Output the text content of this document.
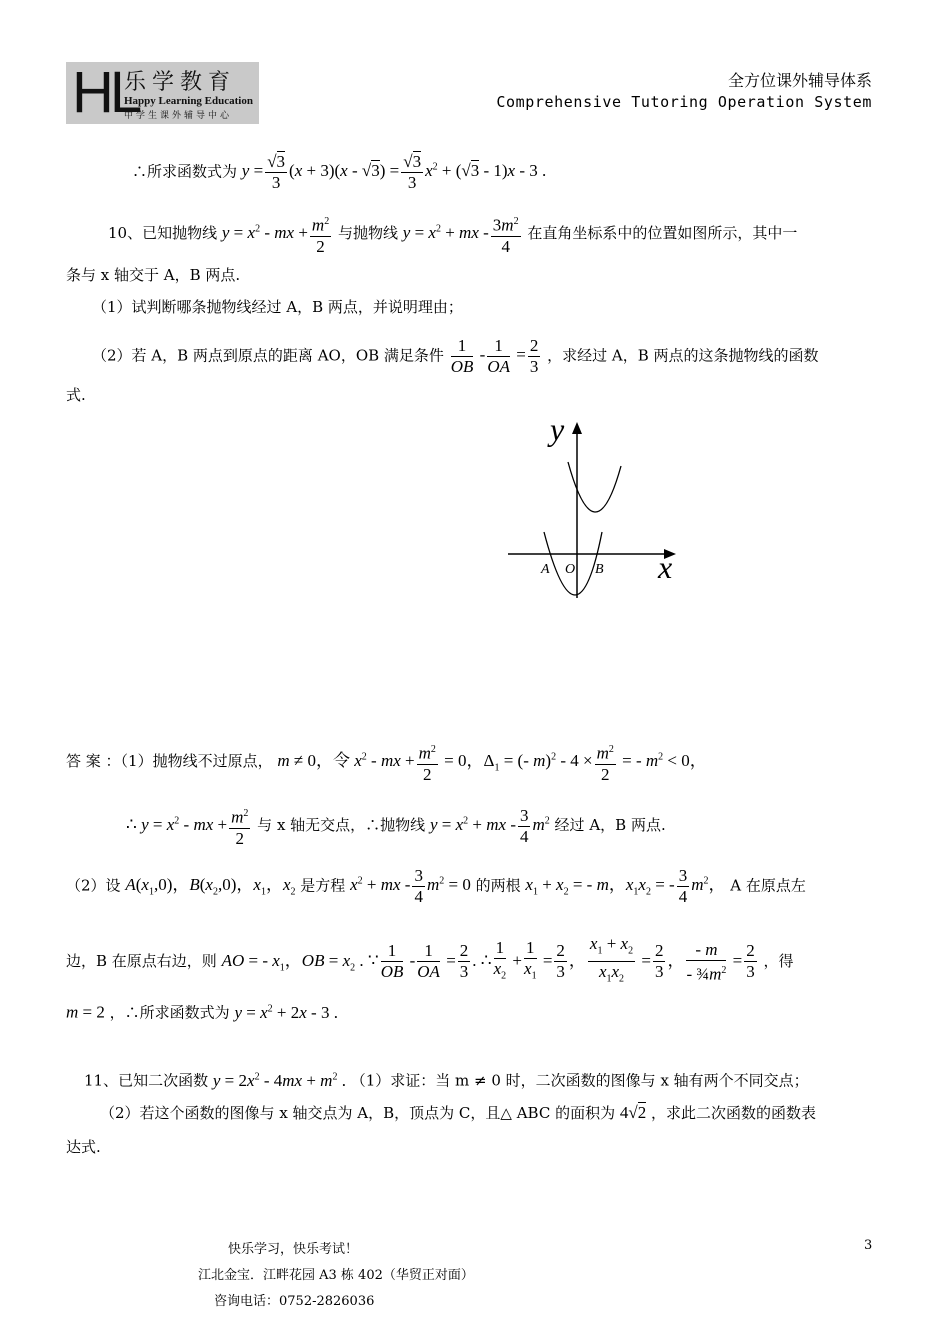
HL
乐学教育
Happy Learning Education
中学生课外辅导中心
全方位课外辅导体系
Comprehensive Tutoring Operation System
∴所求函数式为 $y = \frac{√3}{3} (x + 3)(x - √3) = \frac{√3}{3} x^2 + (√3 - 1)x - 3$ .
10、已知抛物线 $y = x^2$ - mx + $\frac{m^2}{2}$ 与抛物线 $y = x^2$ + mx - $\frac{3m^2}{4}$ 在直角坐标系中的位置如图所示，其中一
条与 x 轴交于 A，B 两点.
（1）试判断哪条抛物线经过 A，B 两点，并说明理由；
（2）若 A，B 两点到原点的距离 AO，OB 满足条件 $\frac{1}{OB} - \frac{1}{OA} = \frac{2}{3}$ ，求经过 A，B 两点的这条抛物线的函数
式.
y
x
A O B
答 案 ：（1）抛物线不过原点， m ≠ 0，令 $x^2$ - mx + $\frac{m^2}{2} = 0$，$\Delta_1$ = (- $m)^2 - 4 \times \frac{m^2}{2}$ = - $m^2 < 0$，
∴ $y = x^2$ - mx + $\frac{m^2}{2}$ 与 x 轴无交点，∴抛物线 $y = x^2$ + mx - $\frac{3}{4} m^2$ 经过 A，B 两点.
（2）设 $A(x_1,0)$，$B(x_2,0)$，$x_1$，$x_2$ 是方程 $x^2$ + mx - $\frac{3}{4} m^2 = 0$ 的两根 $x_1 + x_2$ = - m，$x_1x_2$ = - $\frac{3}{4} m^2$， A 在原点左
边，B 在原点右边，则 AO = - $x_1$，OB = $x_2$ . ∵ $\frac{1}{OB} - \frac{1}{OA} = \frac{2}{3}$ . ∴ $\frac{1}{x_2} + \frac{1}{x_1} = \frac{2}{3}$ ， $\frac{x_1 + x_2}{x_1x_2} = \frac{2}{3}$ ， $\frac{- m}{- \frac{3}{4}m^2} = \frac{2}{3}$ ，得
m = 2 ，∴所求函数式为 $y = x^2 + 2x - 3$ .
11、已知二次函数 $y = 2x^2 - 4mx + m^2$ . （1）求证：当 m ≠ 0 时，二次函数的图像与 x 轴有两个不同交点；
（2）若这个函数的图像与 x 轴交点为 A，B，顶点为 C，且△ ABC 的面积为 4√2 ，求此二次函数的函数表
达式.
快乐学习，快乐考试！
江北金宝．江畔花园 A3 栋 402（华贸正对面）
咨询电话：0752-2826036
3
